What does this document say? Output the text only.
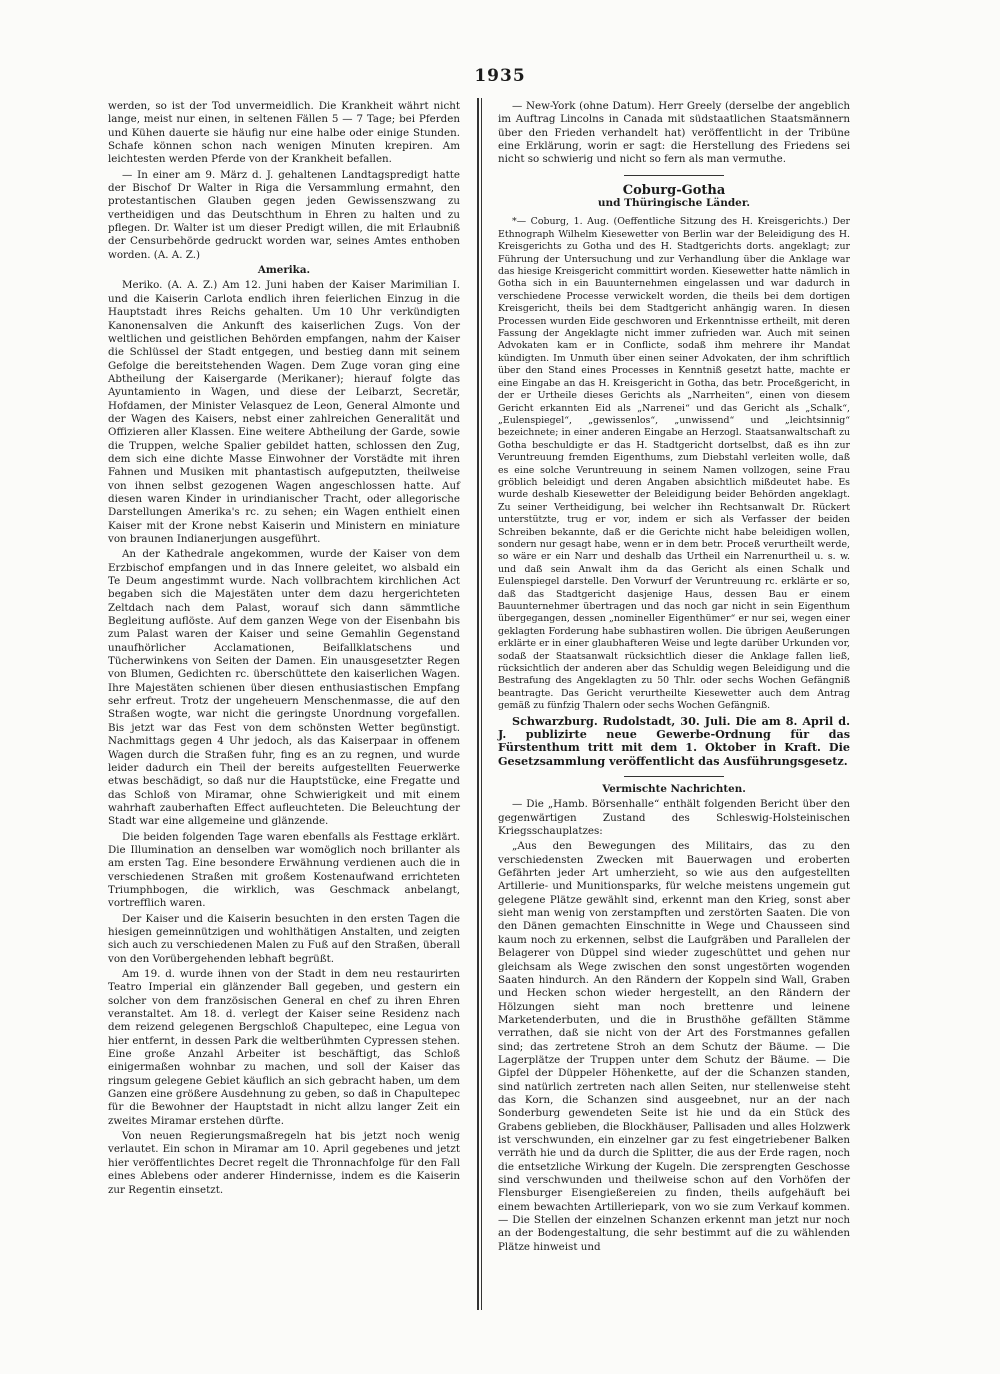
1935

werden, so ist der Tod unvermeidlich. Die Krankheit währt nicht lange, meist nur einen, in seltenen Fällen 5 — 7 Tage; bei Pferden und Kühen dauerte sie häufig nur eine halbe oder einige Stunden. Schafe können schon nach wenigen Minuten krepiren. Am leichtesten werden Pferde von der Krankheit befallen.

— In einer am 9. März d. J. gehaltenen Landtagspredigt hatte der Bischof Dr Walter in Riga die Versammlung ermahnt, den protestantischen Glauben gegen jeden Gewissenszwang zu vertheidigen und das Deutschthum in Ehren zu halten und zu pflegen. Dr. Walter ist um dieser Predigt willen, die mit Erlaubniß der Censurbehörde gedruckt worden war, seines Amtes enthoben worden. (A. A. Z.)

Amerika.

Meriko. (A. A. Z.) Am 12. Juni haben der Kaiser Marimilian I. und die Kaiserin Carlota endlich ihren feierlichen Einzug in die Hauptstadt ihres Reichs gehalten. Um 10 Uhr verkündigten Kanonensalven die Ankunft des kaiserlichen Zugs. Von der weltlichen und geistlichen Behörden empfangen, nahm der Kaiser die Schlüssel der Stadt entgegen, und bestieg dann mit seinem Gefolge die bereitstehenden Wagen. Dem Zuge voran ging eine Abtheilung der Kaisergarde (Merikaner); hierauf folgte das Ayuntamiento in Wagen, und diese der Leibarzt, Secretär, Hofdamen, der Minister Velasquez de Leon, General Almonte und der Wagen des Kaisers, nebst einer zahlreichen Generalität und Offizieren aller Klassen. Eine weitere Abtheilung der Garde, sowie die Truppen, welche Spalier gebildet hatten, schlossen den Zug, dem sich eine dichte Masse Einwohner der Vorstädte mit ihren Fahnen und Musiken mit phantastisch aufgeputzten, theilweise von ihnen selbst gezogenen Wagen angeschlossen hatte. Auf diesen waren Kinder in urindianischer Tracht, oder allegorische Darstellungen Amerika's rc. zu sehen; ein Wagen enthielt einen Kaiser mit der Krone nebst Kaiserin und Ministern en miniature von braunen Indianerjungen ausgeführt.

An der Kathedrale angekommen, wurde der Kaiser von dem Erzbischof empfangen und in das Innere geleitet, wo alsbald ein Te Deum angestimmt wurde. Nach vollbrachtem kirchlichen Act begaben sich die Majestäten unter dem dazu hergerichteten Zeltdach nach dem Palast, worauf sich dann sämmtliche Begleitung auflöste. Auf dem ganzen Wege von der Eisenbahn bis zum Palast waren der Kaiser und seine Gemahlin Gegenstand unaufhörlicher Acclamationen, Beifallklatschens und Tücherwinkens von Seiten der Damen. Ein unausgesetzter Regen von Blumen, Gedichten rc. überschüttete den kaiserlichen Wagen. Ihre Majestäten schienen über diesen enthusiastischen Empfang sehr erfreut. Trotz der ungeheuern Menschenmasse, die auf den Straßen wogte, war nicht die geringste Unordnung vorgefallen. Bis jetzt war das Fest von dem schönsten Wetter begünstigt. Nachmittags gegen 4 Uhr jedoch, als das Kaiserpaar in offenem Wagen durch die Straßen fuhr, fing es an zu regnen, und wurde leider dadurch ein Theil der bereits aufgestellten Feuerwerke etwas beschädigt, so daß nur die Hauptstücke, eine Fregatte und das Schloß von Miramar, ohne Schwierigkeit und mit einem wahrhaft zauberhaften Effect aufleuchteten. Die Beleuchtung der Stadt war eine allgemeine und glänzende.

Die beiden folgenden Tage waren ebenfalls als Festtage erklärt. Die Illumination an denselben war womöglich noch brillanter als am ersten Tag. Eine besondere Erwähnung verdienen auch die in verschiedenen Straßen mit großem Kostenaufwand errichteten Triumphbogen, die wirklich, was Geschmack anbelangt, vortrefflich waren.

Der Kaiser und die Kaiserin besuchten in den ersten Tagen die hiesigen gemeinnützigen und wohlthätigen Anstalten, und zeigten sich auch zu verschiedenen Malen zu Fuß auf den Straßen, überall von den Vorübergehenden lebhaft begrüßt.

Am 19. d. wurde ihnen von der Stadt in dem neu restaurirten Teatro Imperial ein glänzender Ball gegeben, und gestern ein solcher von dem französischen General en chef zu ihren Ehren veranstaltet. Am 18. d. verlegt der Kaiser seine Residenz nach dem reizend gelegenen Bergschloß Chapultepec, eine Legua von hier entfernt, in dessen Park die weltberühmten Cypressen stehen. Eine große Anzahl Arbeiter ist beschäftigt, das Schloß einigermaßen wohnbar zu machen, und soll der Kaiser das ringsum gelegene Gebiet käuflich an sich gebracht haben, um dem Ganzen eine größere Ausdehnung zu geben, so daß in Chapultepec für die Bewohner der Hauptstadt in nicht allzu langer Zeit ein zweites Miramar erstehen dürfte.

Von neuen Regierungsmaßregeln hat bis jetzt noch wenig verlautet. Ein schon in Miramar am 10. April gegebenes und jetzt hier veröffentlichtes Decret regelt die Thronnachfolge für den Fall eines Ablebens oder anderer Hindernisse, indem es die Kaiserin zur Regentin einsetzt.

— New-York (ohne Datum). Herr Greely (derselbe der angeblich im Auftrag Lincolns in Canada mit südstaatlichen Staatsmännern über den Frieden verhandelt hat) veröffentlicht in der Tribüne eine Erklärung, worin er sagt: die Herstellung des Friedens sei nicht so schwierig und nicht so fern als man vermuthe.

Coburg-Gotha
und Thüringische Länder.

*— Coburg, 1. Aug. (Oeffentliche Sitzung des H. Kreisgerichts.) Der Ethnograph Wilhelm Kiesewetter von Berlin war der Beleidigung des H. Kreisgerichts zu Gotha und des H. Stadtgerichts dorts. angeklagt; zur Führung der Untersuchung und zur Verhandlung über die Anklage war das hiesige Kreisgericht committirt worden. Kiesewetter hatte nämlich in Gotha sich in ein Bauunternehmen eingelassen und war dadurch in verschiedene Processe verwickelt worden, die theils bei dem dortigen Kreisgericht, theils bei dem Stadtgericht anhängig waren. In diesen Processen wurden Eide geschworen und Erkenntnisse ertheilt, mit deren Fassung der Angeklagte nicht immer zufrieden war. Auch mit seinen Advokaten kam er in Conflicte, sodaß ihm mehrere ihr Mandat kündigten. Im Unmuth über einen seiner Advokaten, der ihm schriftlich über den Stand eines Processes in Kenntniß gesetzt hatte, machte er eine Eingabe an das H. Kreisgericht in Gotha, das betr. Proceßgericht, in der er Urtheile dieses Gerichts als „Narrheiten“, einen von diesem Gericht erkannten Eid als „Narrenei“ und das Gericht als „Schalk“, „Eulenspiegel“, „gewissenlos“, „unwissend“ und „leichtsinnig“ bezeichnete; in einer anderen Eingabe an Herzogl. Staatsanwaltschaft zu Gotha beschuldigte er das H. Stadtgericht dortselbst, daß es ihn zur Veruntreuung fremden Eigenthums, zum Diebstahl verleiten wolle, daß es eine solche Veruntreuung in seinem Namen vollzogen, seine Frau gröblich beleidigt und deren Angaben absichtlich mißdeutet habe. Es wurde deshalb Kiesewetter der Beleidigung beider Behörden angeklagt. Zu seiner Vertheidigung, bei welcher ihn Rechtsanwalt Dr. Rückert unterstützte, trug er vor, indem er sich als Verfasser der beiden Schreiben bekannte, daß er die Gerichte nicht habe beleidigen wollen, sondern nur gesagt habe, wenn er in dem betr. Proceß verurtheilt werde, so wäre er ein Narr und deshalb das Urtheil ein Narrenurtheil u. s. w. und daß sein Anwalt ihm da das Gericht als einen Schalk und Eulenspiegel darstelle. Den Vorwurf der Veruntreuung rc. erklärte er so, daß das Stadtgericht dasjenige Haus, dessen Bau er einem Bauunternehmer übertragen und das noch gar nicht in sein Eigenthum übergegangen, dessen „nomineller Eigenthümer“ er nur sei, wegen einer geklagten Forderung habe subhastiren wollen. Die übrigen Aeußerungen erklärte er in einer glaubhafteren Weise und legte darüber Urkunden vor, sodaß der Staatsanwalt rücksichtlich dieser die Anklage fallen ließ, rücksichtlich der anderen aber das Schuldig wegen Beleidigung und die Bestrafung des Angeklagten zu 50 Thlr. oder sechs Wochen Gefängniß beantragte. Das Gericht verurtheilte Kiesewetter auch dem Antrag gemäß zu fünfzig Thalern oder sechs Wochen Gefängniß.

Schwarzburg. Rudolstadt, 30. Juli. Die am 8. April d. J. publizirte neue Gewerbe-Ordnung für das Fürstenthum tritt mit dem 1. Oktober in Kraft. Die Gesetzsammlung veröffentlicht das Ausführungsgesetz.

Vermischte Nachrichten.

— Die „Hamb. Börsenhalle“ enthält folgenden Bericht über den gegenwärtigen Zustand des Schleswig-Holsteinischen Kriegsschauplatzes:

„Aus den Bewegungen des Militairs, das zu den verschiedensten Zwecken mit Bauerwagen und eroberten Gefährten jeder Art umherzieht, so wie aus den aufgestellten Artillerie- und Munitionsparks, für welche meistens ungemein gut gelegene Plätze gewählt sind, erkennt man den Krieg, sonst aber sieht man wenig von zerstampften und zerstörten Saaten. Die von den Dänen gemachten Einschnitte in Wege und Chausseen sind kaum noch zu erkennen, selbst die Laufgräben und Parallelen der Belagerer von Düppel sind wieder zugeschüttet und gehen nur gleichsam als Wege zwischen den sonst ungestörten wogenden Saaten hindurch. An den Rändern der Koppeln sind Wall, Graben und Hecken schon wieder hergestellt, an den Rändern der Hölzungen sieht man noch brettenre und leinene Marketenderbuten, und die in Brusthöhe gefällten Stämme verrathen, daß sie nicht von der Art des Forstmannes gefallen sind; das zertretene Stroh an dem Schutz der Bäume. — Die Lagerplätze der Truppen unter dem Schutz der Bäume. — Die Gipfel der Düppeler Höhenkette, auf der die Schanzen standen, sind natürlich zertreten nach allen Seiten, nur stellenweise steht das Korn, die Schanzen sind ausgeebnet, nur an der nach Sonderburg gewendeten Seite ist hie und da ein Stück des Grabens geblieben, die Blockhäuser, Pallisaden und alles Holzwerk ist verschwunden, ein einzelner gar zu fest eingetriebener Balken verräth hie und da durch die Splitter, die aus der Erde ragen, noch die entsetzliche Wirkung der Kugeln. Die zersprengten Geschosse sind verschwunden und theilweise schon auf den Vorhöfen der Flensburger Eisengießereien zu finden, theils aufgehäuft bei einem bewachten Artilleriepark, von wo sie zum Verkauf kommen. — Die Stellen der einzelnen Schanzen erkennt man jetzt nur noch an der Bodengestaltung, die sehr bestimmt auf die zu wählenden Plätze hinweist und
